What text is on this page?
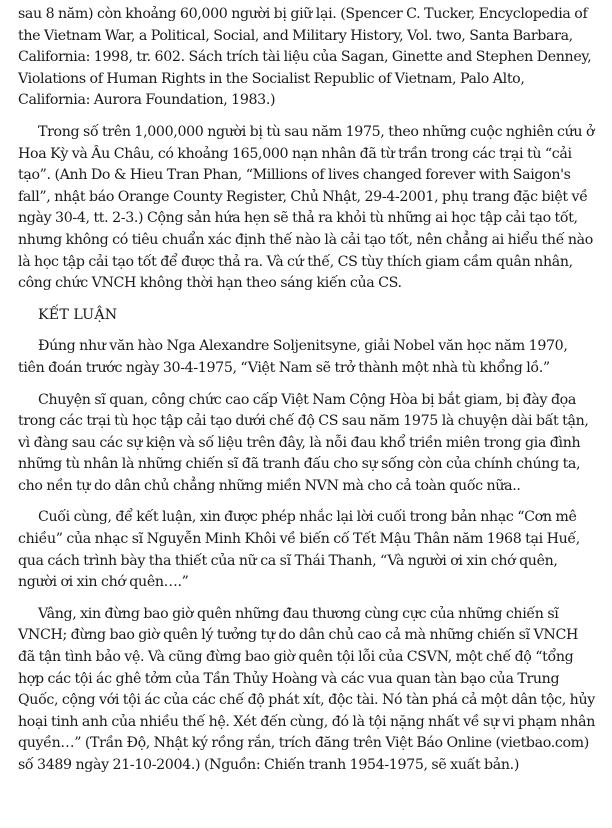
sau 8 năm) còn khoảng 60,000 người bị giữ lại. (Spencer C. Tucker, Encyclopedia of the Vietnam War, a Political, Social, and Military History, Vol. two, Santa Barbara, California: 1998, tr. 602. Sách trích tài liệu của Sagan, Ginette and Stephen Denney, Violations of Human Rights in the Socialist Republic of Vietnam, Palo Alto, California: Aurora Foundation, 1983.)

Trong số trên 1,000,000 người bị tù sau năm 1975, theo những cuộc nghiên cứu ở Hoa Kỳ và Âu Châu, có khoảng 165,000 nạn nhân đã từ trần trong các trại tù “cải tạo”. (Anh Do & Hieu Tran Phan, “Millions of lives changed forever with Saigon's fall”, nhật báo Orange County Register, Chủ Nhật, 29-4-2001, phụ trang đặc biệt về ngày 30-4, tt. 2-3.) Cộng sản hứa hẹn sẽ thả ra khỏi tù những ai học tập cải tạo tốt, nhưng không có tiêu chuẩn xác định thế nào là cải tạo tốt, nên chẳng ai hiểu thế nào là học tập cải tạo tốt để được thả ra. Và cứ thế, CS tùy thích giam cầm quân nhân, công chức VNCH không thời hạn theo sáng kiến của CS.

KẾT LUẬN

Đúng như văn hào Nga Alexandre Soljenitsyne, giải Nobel văn học năm 1970, tiên đoán trước ngày 30-4-1975, “Việt Nam sẽ trở thành một nhà tù khổng lồ.”

Chuyện sĩ quan, công chức cao cấp Việt Nam Cộng Hòa bị bắt giam, bị đày đọa trong các trại tù học tập cải tạo dưới chế độ CS sau năm 1975 là chuyện dài bất tận, vì đàng sau các sự kiện và số liệu trên đây, là nỗi đau khổ triền miên trong gia đình những tù nhân là những chiến sĩ đã tranh đấu cho sự sống còn của chính chúng ta, cho nền tự do dân chủ chẳng những miền NVN mà cho cả toàn quốc nữa..

Cuối cùng, để kết luận, xin được phép nhắc lại lời cuối trong bản nhạc “Cơn mê chiều” của nhạc sĩ Nguyễn Minh Khôi về biến cố Tết Mậu Thân năm 1968 tại Huế, qua cách trình bày tha thiết của nữ ca sĩ Thái Thanh, “Và người ơi xin chớ quên, người ơi xin chớ quên….”

Vâng, xin đừng bao giờ quên những đau thương cùng cực của những chiến sĩ VNCH; đừng bao giờ quên lý tưởng tự do dân chủ cao cả mà những chiến sĩ VNCH đã tận tình bảo vệ. Và cũng đừng bao giờ quên tội lỗi của CSVN, một chế độ “tổng hợp các tội ác ghê tởm của Tần Thủy Hoàng và các vua quan tàn bạo của Trung Quốc, cộng với tội ác của các chế độ phát xít, độc tài. Nó tàn phá cả một dân tộc, hủy hoại tinh anh của nhiều thế hệ. Xét đến cùng, đó là tội nặng nhất về sự vi phạm nhân quyền…” (Trần Độ, Nhật ký rồng rắn, trích đăng trên Việt Báo Online (vietbao.com) số 3489 ngày 21-10-2004.) (Nguồn: Chiến tranh 1954-1975, sẽ xuất bản.)
